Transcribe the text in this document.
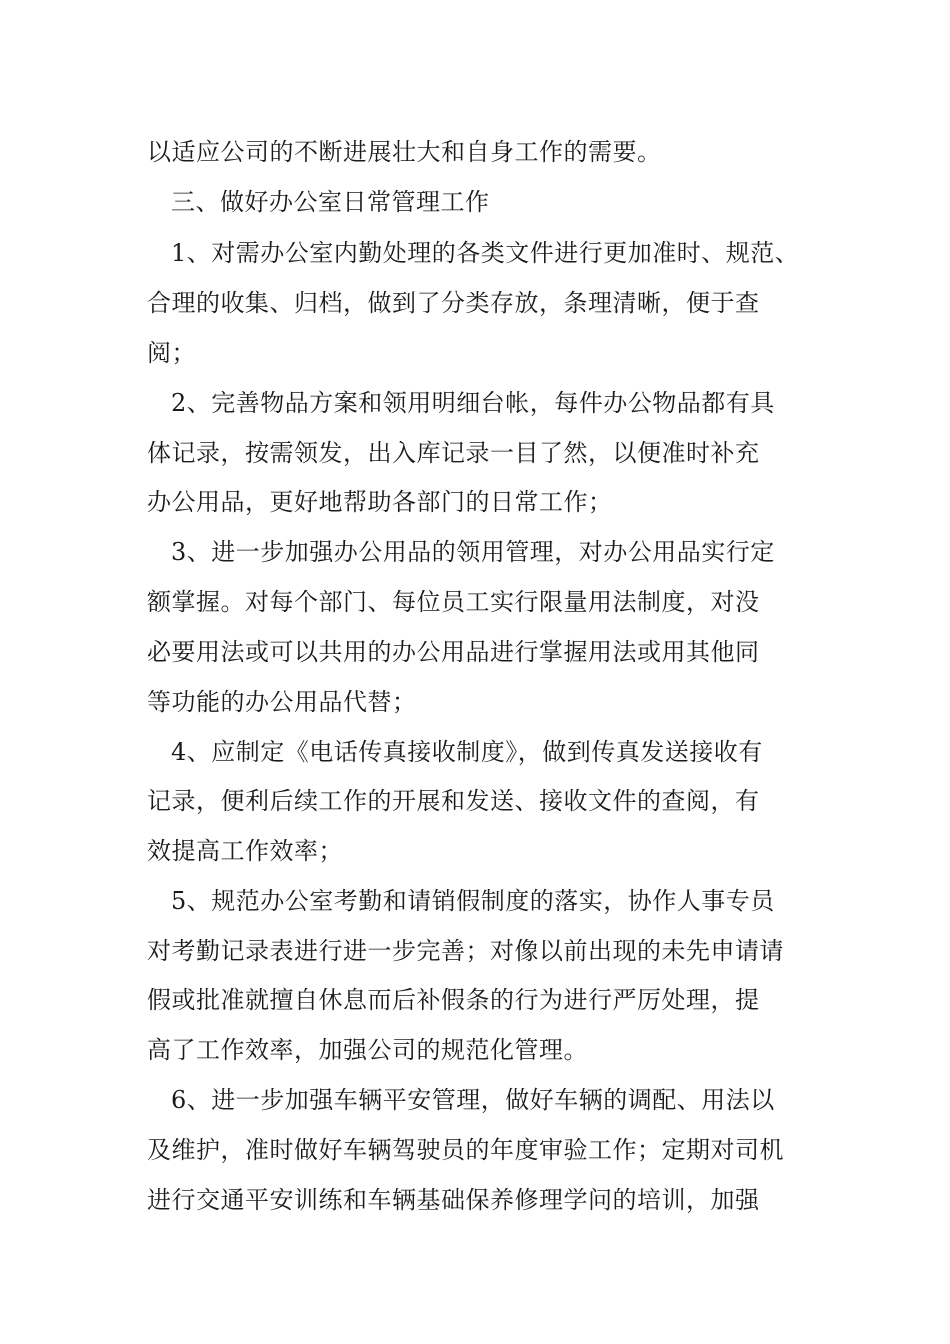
以适应公司的不断进展壮大和自身工作的需要。
三、做好办公室日常管理工作
1、对需办公室内勤处理的各类文件进行更加准时、规范、
合理的收集、归档，做到了分类存放，条理清晰，便于查
阅；
2、完善物品方案和领用明细台帐，每件办公物品都有具
体记录，按需领发，出入库记录一目了然，以便准时补充
办公用品，更好地帮助各部门的日常工作；
3、进一步加强办公用品的领用管理，对办公用品实行定
额掌握。对每个部门、每位员工实行限量用法制度，对没
必要用法或可以共用的办公用品进行掌握用法或用其他同
等功能的办公用品代替；
4、应制定《电话传真接收制度》，做到传真发送接收有
记录，便利后续工作的开展和发送、接收文件的查阅，有
效提高工作效率；
5、规范办公室考勤和请销假制度的落实，协作人事专员
对考勤记录表进行进一步完善；对像以前出现的未先申请请
假或批准就擅自休息而后补假条的行为进行严厉处理，提
高了工作效率，加强公司的规范化管理。
6、进一步加强车辆平安管理，做好车辆的调配、用法以
及维护，准时做好车辆驾驶员的年度审验工作；定期对司机
进行交通平安训练和车辆基础保养修理学问的培训，加强
